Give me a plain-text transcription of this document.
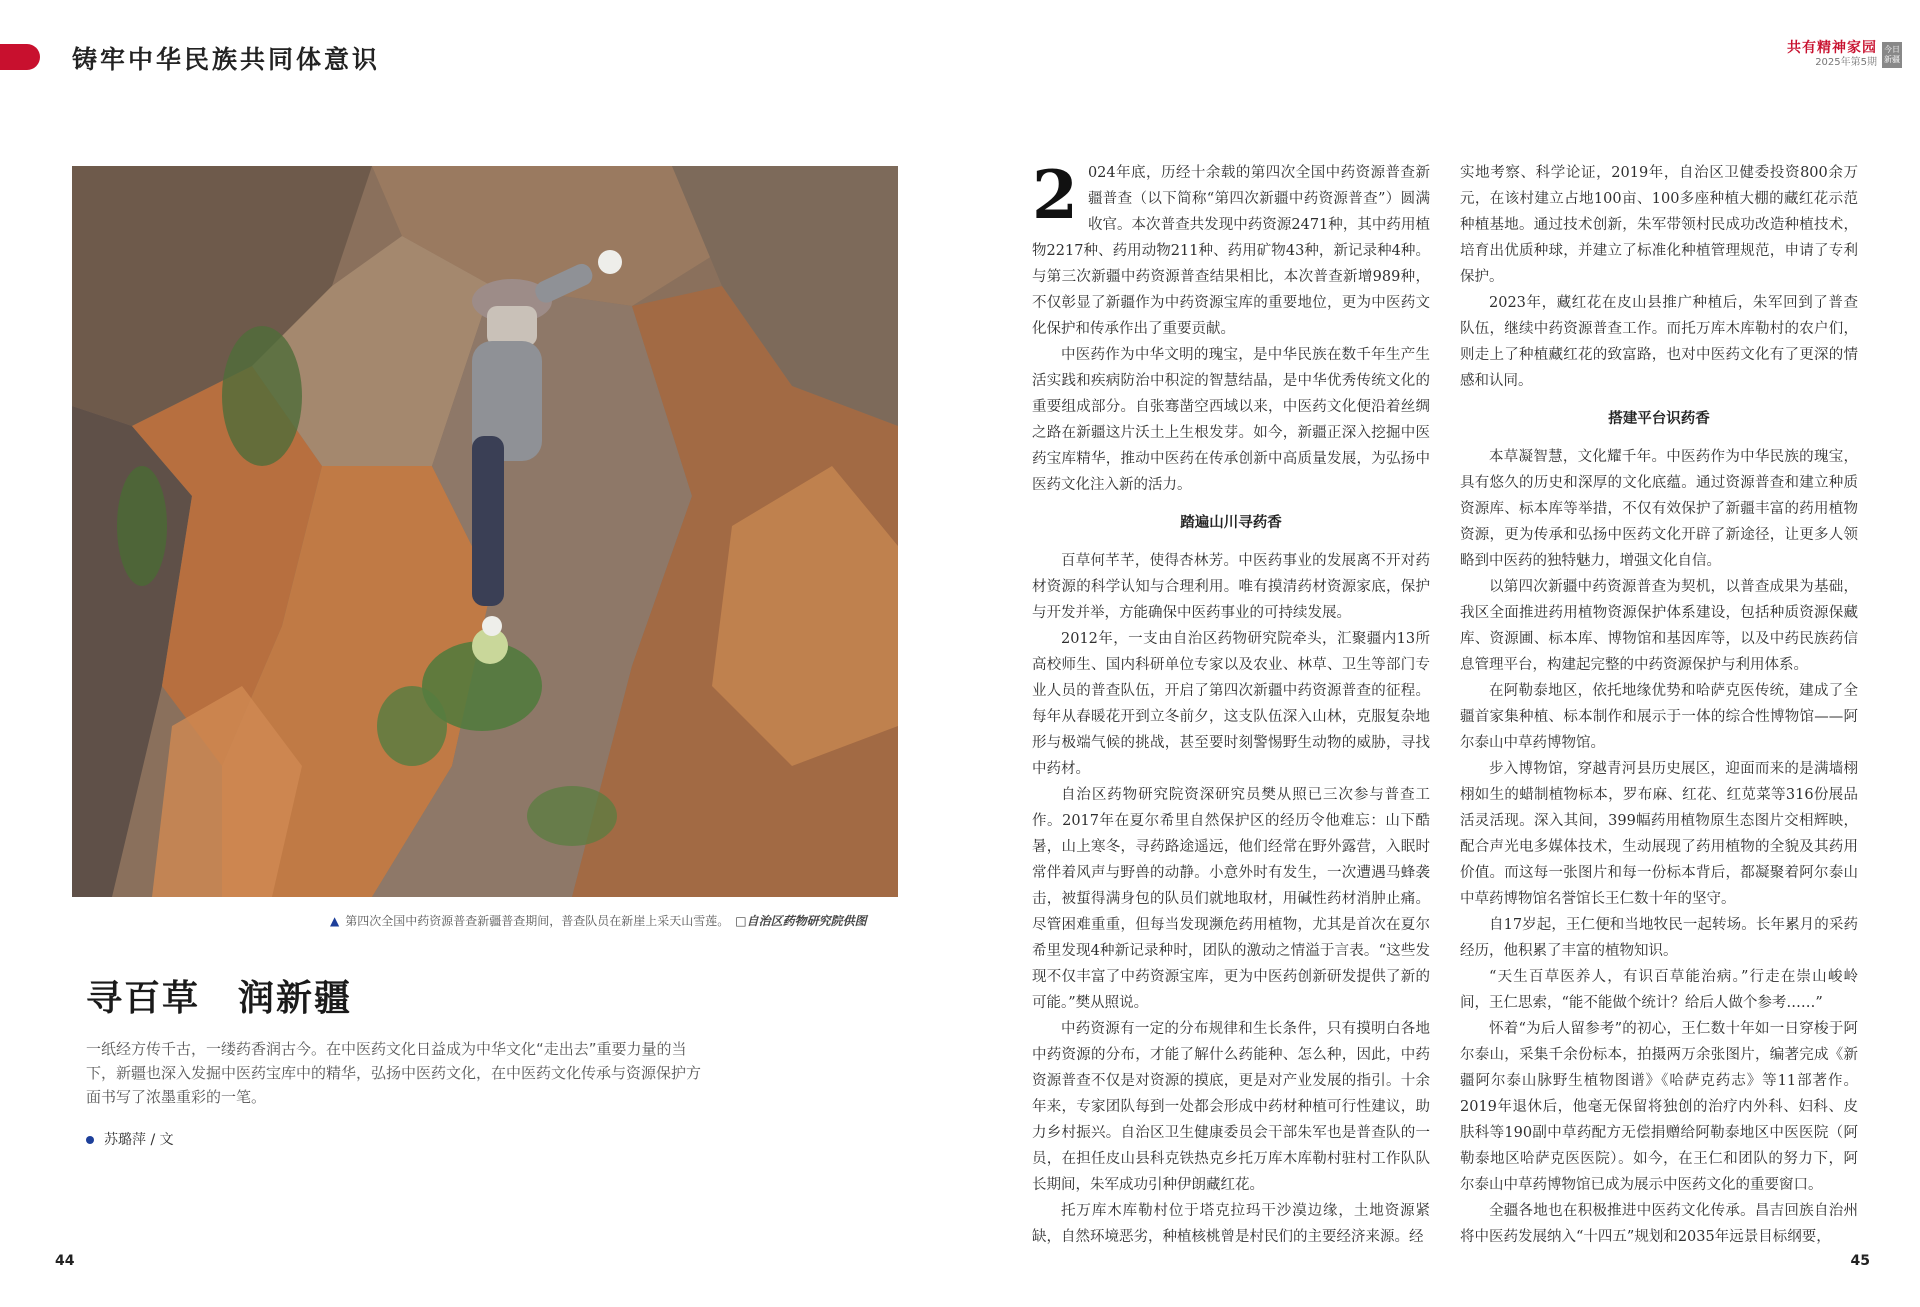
铸牢中华民族共同体意识	共有精神家园
2025年第5期
今日新疆
▲ 第四次全国中药资源普查新疆普查期间，普查队员在新崖上采天山雪莲。 □自治区药物研究院供图
寻百草　润新疆
一纸经方传千古，一缕药香润古今。在中医药文化日益成为中华文化“走出去”重要力量的当下，新疆也深入发掘中医药宝库中的精华，弘扬中医药文化，在中医药文化传承与资源保护方面书写了浓墨重彩的一笔。
苏璐萍 / 文

2 024年底，历经十余载的第四次全国中药资源普查新疆普查（以下简称“第四次新疆中药资源普查”）圆满收官。本次普查共发现中药资源2471种，其中药用植物2217种、药用动物211种、药用矿物43种，新记录种4种。与第三次新疆中药资源普查结果相比，本次普查新增989种，不仅彰显了新疆作为中药资源宝库的重要地位，更为中医药文化保护和传承作出了重要贡献。

中医药作为中华文明的瑰宝，是中华民族在数千年生产生活实践和疾病防治中积淀的智慧结晶，是中华优秀传统文化的重要组成部分。自张骞凿空西域以来，中医药文化便沿着丝绸之路在新疆这片沃土上生根发芽。如今，新疆正深入挖掘中医药宝库精华，推动中医药在传承创新中高质量发展，为弘扬中医药文化注入新的活力。

踏遍山川寻药香

百草何芊芊，使得杏林芳。中医药事业的发展离不开对药材资源的科学认知与合理利用。唯有摸清药材资源家底，保护与开发并举，方能确保中医药事业的可持续发展。

2012年，一支由自治区药物研究院牵头，汇聚疆内13所高校师生、国内科研单位专家以及农业、林草、卫生等部门专业人员的普查队伍，开启了第四次新疆中药资源普查的征程。每年从春暖花开到立冬前夕，这支队伍深入山林，克服复杂地形与极端气候的挑战，甚至要时刻警惕野生动物的威胁，寻找中药材。

自治区药物研究院资深研究员樊从照已三次参与普查工作。2017年在夏尔希里自然保护区的经历令他难忘：山下酷暑，山上寒冬，寻药路途遥远，他们经常在野外露营，入眠时常伴着风声与野兽的动静。小意外时有发生，一次遭遇马蜂袭击，被蜇得满身包的队员们就地取材，用碱性药材消肿止痛。尽管困难重重，但每当发现濒危药用植物，尤其是首次在夏尔希里发现4种新记录种时，团队的激动之情溢于言表。“这些发现不仅丰富了中药资源宝库，更为中医药创新研发提供了新的可能。”樊从照说。

中药资源有一定的分布规律和生长条件，只有摸明白各地中药资源的分布，才能了解什么药能种、怎么种，因此，中药资源普查不仅是对资源的摸底，更是对产业发展的指引。十余年来，专家团队每到一处都会形成中药材种植可行性建议，助力乡村振兴。自治区卫生健康委员会干部朱军也是普查队的一员，在担任皮山县科克铁热克乡托万库木库勒村驻村工作队队长期间，朱军成功引种伊朗藏红花。

托万库木库勒村位于塔克拉玛干沙漠边缘，土地资源紧缺，自然环境恶劣，种植核桃曾是村民们的主要经济来源。经

实地考察、科学论证，2019年，自治区卫健委投资800余万元，在该村建立占地100亩、100多座种植大棚的藏红花示范种植基地。通过技术创新，朱军带领村民成功改造种植技术，培育出优质种球，并建立了标准化种植管理规范，申请了专利保护。

2023年，藏红花在皮山县推广种植后，朱军回到了普查队伍，继续中药资源普查工作。而托万库木库勒村的农户们，则走上了种植藏红花的致富路，也对中医药文化有了更深的情感和认同。

搭建平台识药香

本草凝智慧，文化耀千年。中医药作为中华民族的瑰宝，具有悠久的历史和深厚的文化底蕴。通过资源普查和建立种质资源库、标本库等举措，不仅有效保护了新疆丰富的药用植物资源，更为传承和弘扬中医药文化开辟了新途径，让更多人领略到中医药的独特魅力，增强文化自信。

以第四次新疆中药资源普查为契机，以普查成果为基础，我区全面推进药用植物资源保护体系建设，包括种质资源保藏库、资源圃、标本库、博物馆和基因库等，以及中药民族药信息管理平台，构建起完整的中药资源保护与利用体系。

在阿勒泰地区，依托地缘优势和哈萨克医传统，建成了全疆首家集种植、标本制作和展示于一体的综合性博物馆——阿尔泰山中草药博物馆。

步入博物馆，穿越青河县历史展区，迎面而来的是满墙栩栩如生的蜡制植物标本，罗布麻、红花、红苋菜等316份展品活灵活现。深入其间，399幅药用植物原生态图片交相辉映，配合声光电多媒体技术，生动展现了药用植物的全貌及其药用价值。而这每一张图片和每一份标本背后，都凝聚着阿尔泰山中草药博物馆名誉馆长王仁数十年的坚守。

自17岁起，王仁便和当地牧民一起转场。长年累月的采药经历，他积累了丰富的植物知识。

“天生百草医养人，有识百草能治病。”行走在崇山峻岭间，王仁思索，“能不能做个统计？给后人做个参考……”

怀着“为后人留参考”的初心，王仁数十年如一日穿梭于阿尔泰山，采集千余份标本，拍摄两万余张图片，编著完成《新疆阿尔泰山脉野生植物图谱》《哈萨克药志》等11部著作。2019年退休后，他毫无保留将独创的治疗内外科、妇科、皮肤科等190副中草药配方无偿捐赠给阿勒泰地区中医医院（阿勒泰地区哈萨克医医院）。如今，在王仁和团队的努力下，阿尔泰山中草药博物馆已成为展示中医药文化的重要窗口。

全疆各地也在积极推进中医药文化传承。昌吉回族自治州将中医药发展纳入“十四五”规划和2035年远景目标纲要，

44	45
